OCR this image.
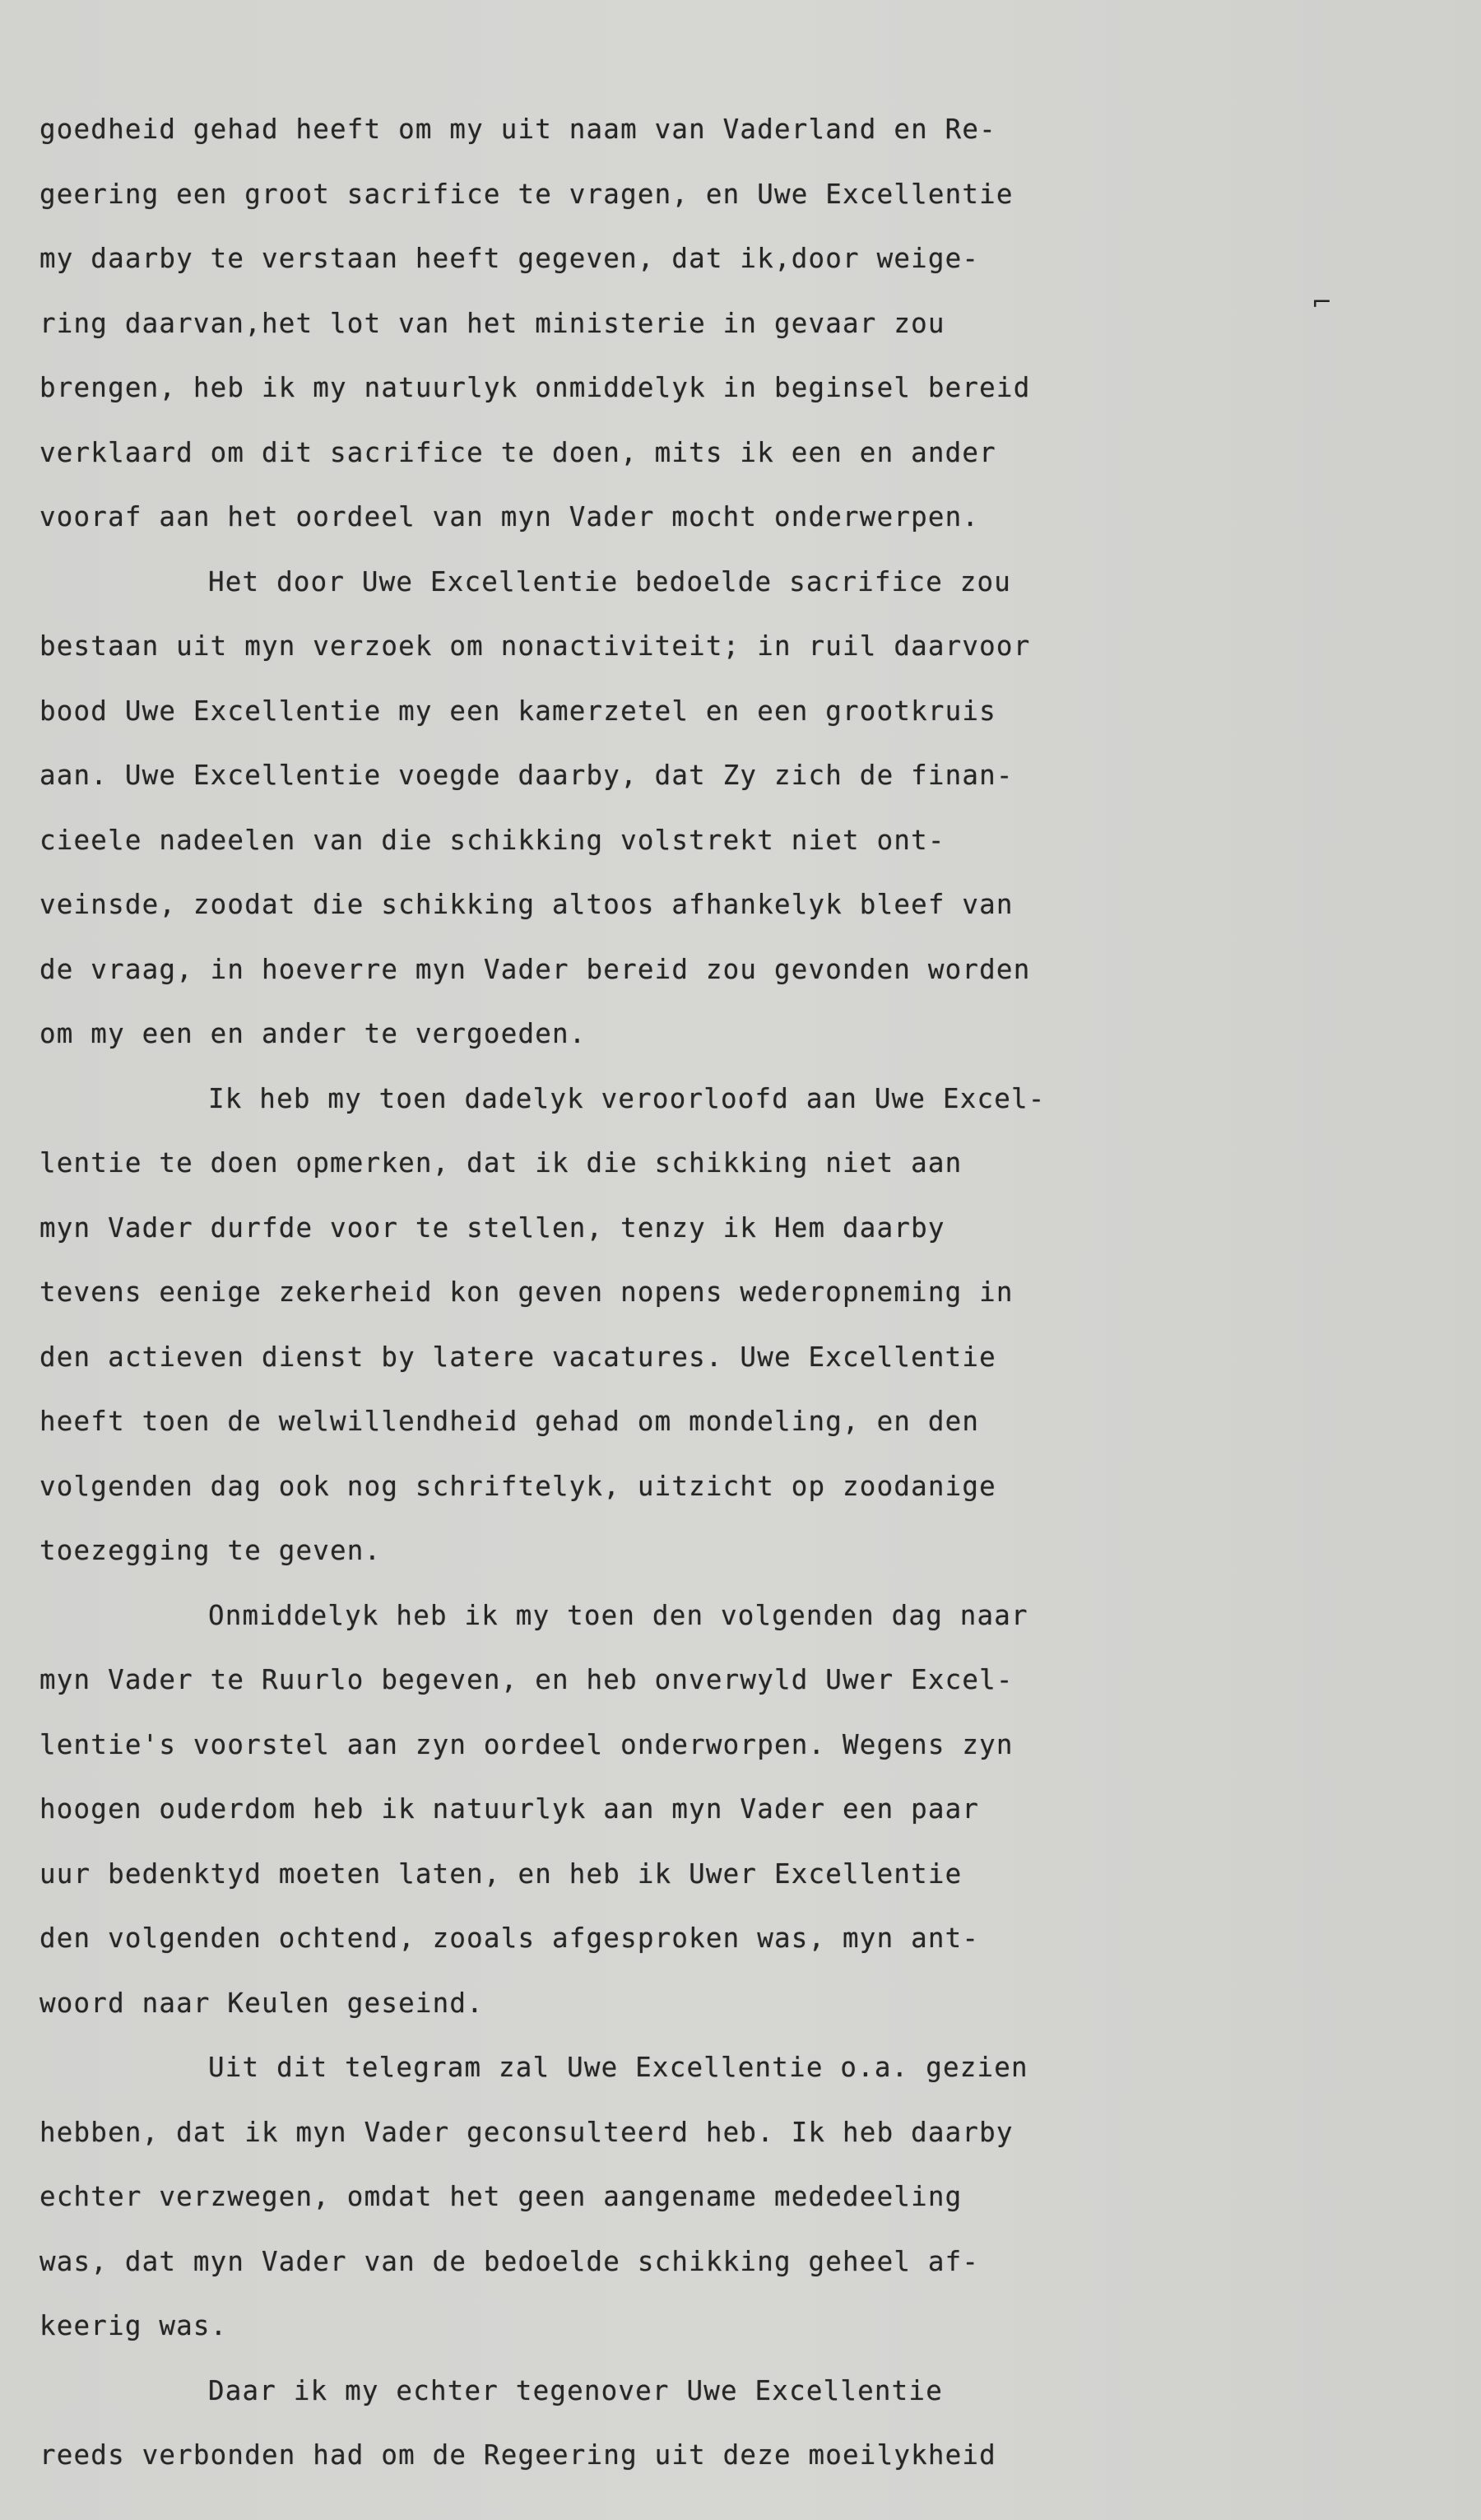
goedheid gehad heeft om my uit naam van Vaderland en Re-
geering een groot sacrifice te vragen, en Uwe Excellentie
my daarby te verstaan heeft gegeven, dat ik,door weige-
ring daarvan,het lot van het ministerie in gevaar zou
brengen, heb ik my natuurlyk onmiddelyk in beginsel bereid
verklaard om dit sacrifice te doen, mits ik een en ander
vooraf aan het oordeel van myn Vader mocht onderwerpen.
Het door Uwe Excellentie bedoelde sacrifice zou
bestaan uit myn verzoek om nonactiviteit; in ruil daarvoor
bood Uwe Excellentie my een kamerzetel en een grootkruis
aan. Uwe Excellentie voegde daarby, dat Zy zich de finan-
cieele nadeelen van die schikking volstrekt niet ont-
veinsde, zoodat die schikking altoos afhankelyk bleef van
de vraag, in hoeverre myn Vader bereid zou gevonden worden
om my een en ander te vergoeden.
Ik heb my toen dadelyk veroorloofd aan Uwe Excel-
lentie te doen opmerken, dat ik die schikking niet aan
myn Vader durfde voor te stellen, tenzy ik Hem daarby
tevens eenige zekerheid kon geven nopens wederopneming in
den actieven dienst by latere vacatures. Uwe Excellentie
heeft toen de welwillendheid gehad om mondeling, en den
volgenden dag ook nog schriftelyk, uitzicht op zoodanige
toezegging te geven.
Onmiddelyk heb ik my toen den volgenden dag naar
myn Vader te Ruurlo begeven, en heb onverwyld Uwer Excel-
lentie's voorstel aan zyn oordeel onderworpen. Wegens zyn
hoogen ouderdom heb ik natuurlyk aan myn Vader een paar
uur bedenktyd moeten laten, en heb ik Uwer Excellentie
den volgenden ochtend, zooals afgesproken was, myn ant-
woord naar Keulen geseind.
Uit dit telegram zal Uwe Excellentie o.a. gezien
hebben, dat ik myn Vader geconsulteerd heb. Ik heb daarby
echter verzwegen, omdat het geen aangename mededeeling
was, dat myn Vader van de bedoelde schikking geheel af-
keerig was.
Daar ik my echter tegenover Uwe Excellentie
reeds verbonden had om de Regeering uit deze moeilykheid
⌐
